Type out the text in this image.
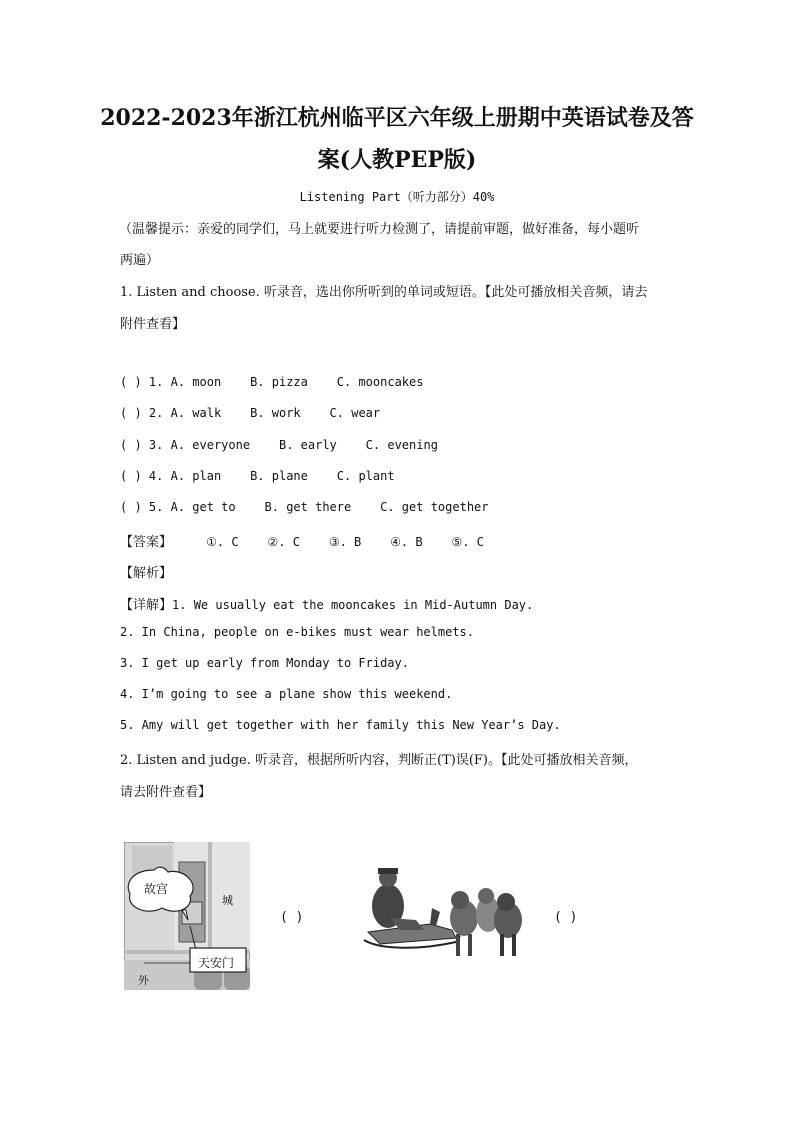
2022-2023年浙江杭州临平区六年级上册期中英语试卷及答
案(人教PEP版)
Listening Part（听力部分）40%
（温馨提示：亲爱的同学们，马上就要进行听力检测了，请提前审题，做好准备，每小题听
两遍）
1. Listen and choose. 听录音，选出你所听到的单词或短语。【此处可播放相关音频，请去
附件查看】
( ) 1. A. moon    B. pizza    C. mooncakes
( ) 2. A. walk    B. work    C. wear
( ) 3. A. everyone    B. early    C. evening
( ) 4. A. plan    B. plane    C. plant
( ) 5. A. get to    B. get there    C. get together
【答案】	①. C    ②. C    ③. B    ④. B    ⑤. C
【解析】
【详解】1. We usually eat the mooncakes in Mid-Autumn Day.
2. In China, people on e-bikes must wear helmets.
3. I get up early from Monday to Friday.
4. I’m going to see a plane show this weekend.
5. Amy will get together with her family this New Year’s Day.
2. Listen and judge. 听录音，根据所听内容，判断正(T)误(F)。【此处可播放相关音频，
请去附件查看】
故宫
天安门
城
外
( )	( )
